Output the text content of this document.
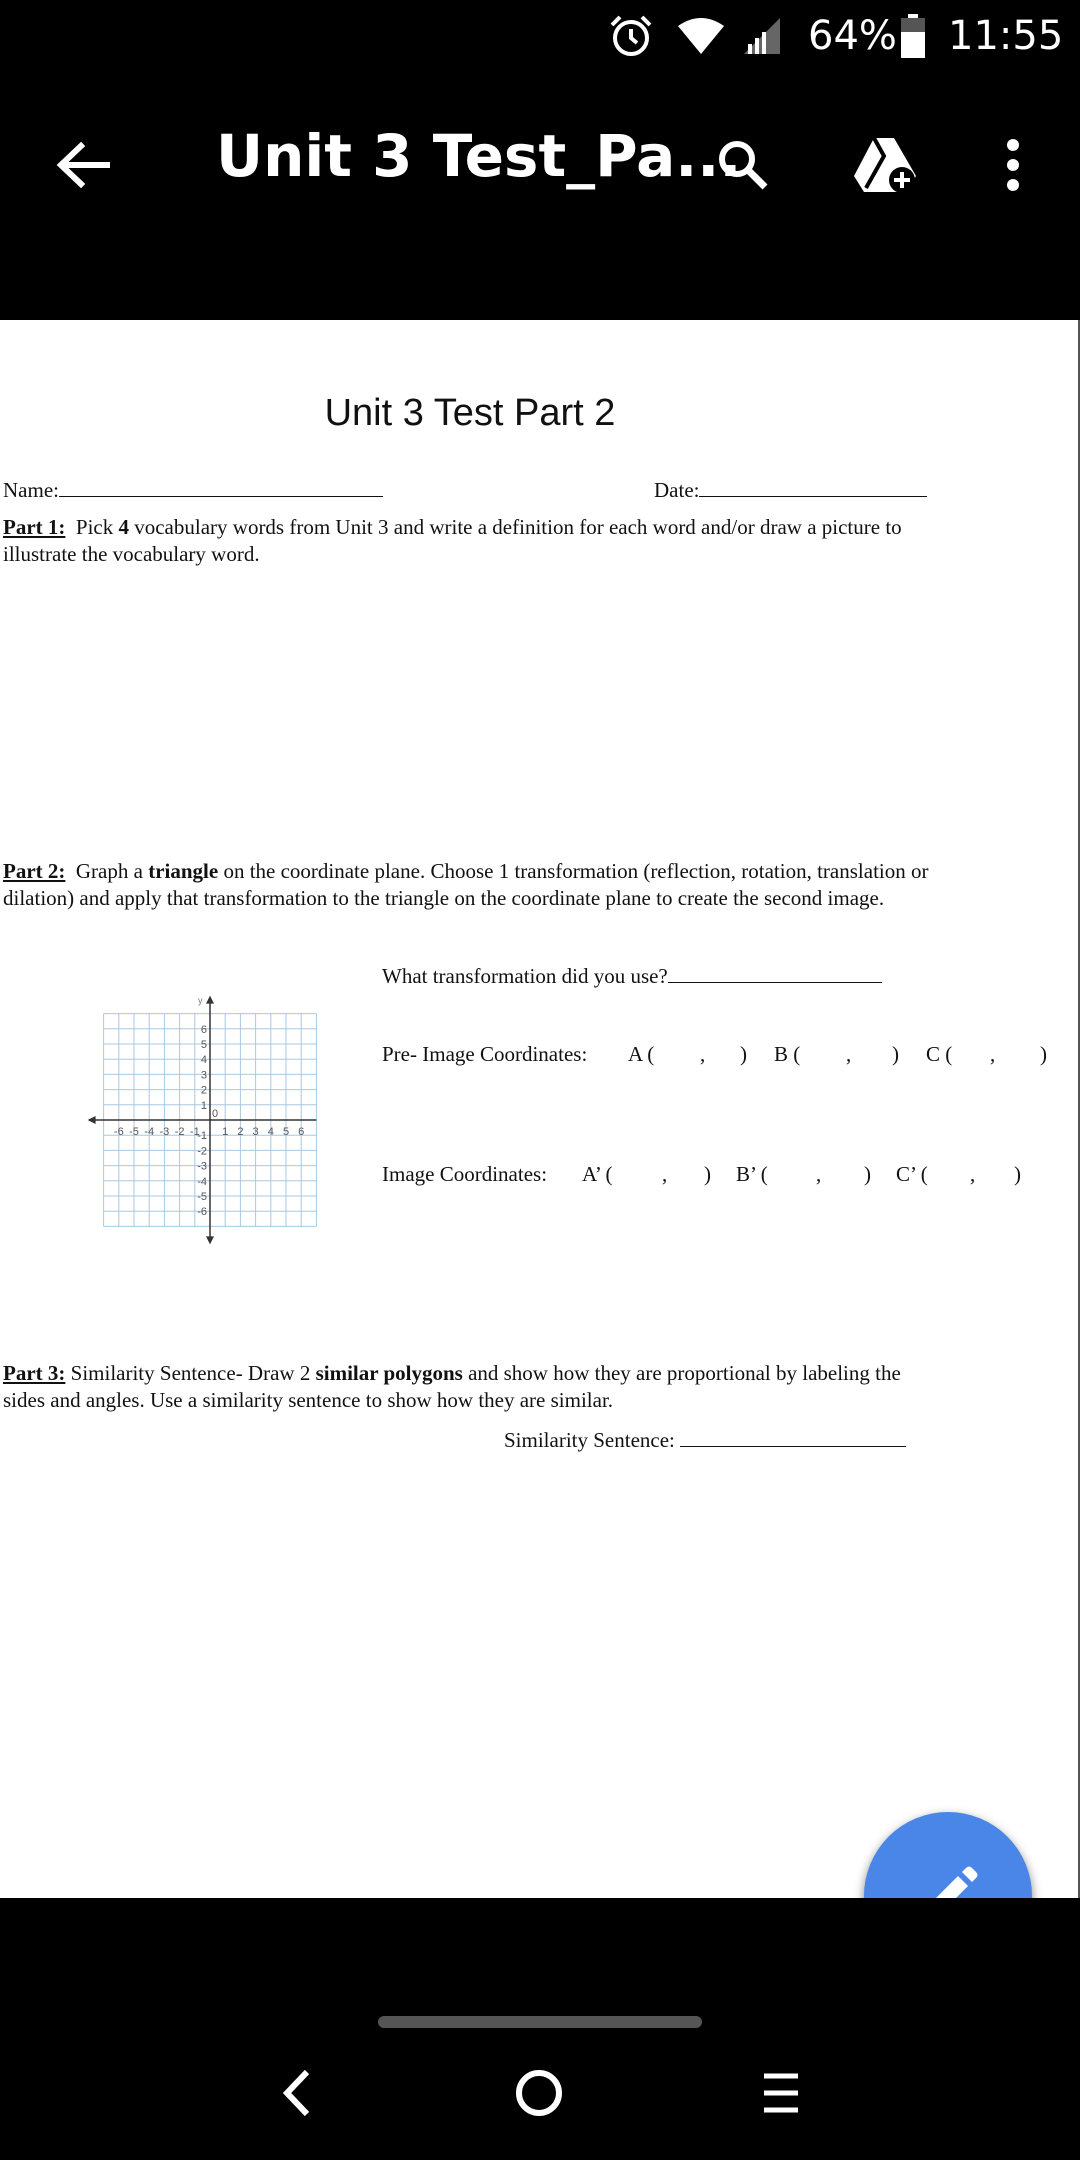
64% 11:55
Unit 3 Test_Pa...
Unit 3 Test Part 2
Name:	Date:
Part 1: Pick 4 vocabulary words from Unit 3 and write a definition for each word and/or draw a picture to illustrate the vocabulary word.
Part 2: Graph a triangle on the coordinate plane. Choose 1 transformation (reflection, rotation, translation or dilation) and apply that transformation to the triangle on the coordinate plane to create the second image.
y
0
-6 -5 -4 -3 -2 -1 1 2 3 4 5 6
6
5
4
3
2
1
-1
-2
-3
-4
-5
-6
What transformation did you use?
Pre- Image Coordinates: A ( , ) B ( , ) C ( , )
Image Coordinates: A’ ( , ) B’ ( , ) C’ ( , )
Part 3: Similarity Sentence- Draw 2 similar polygons and show how they are proportional by labeling the sides and angles. Use a similarity sentence to show how they are similar.
Similarity Sentence:
